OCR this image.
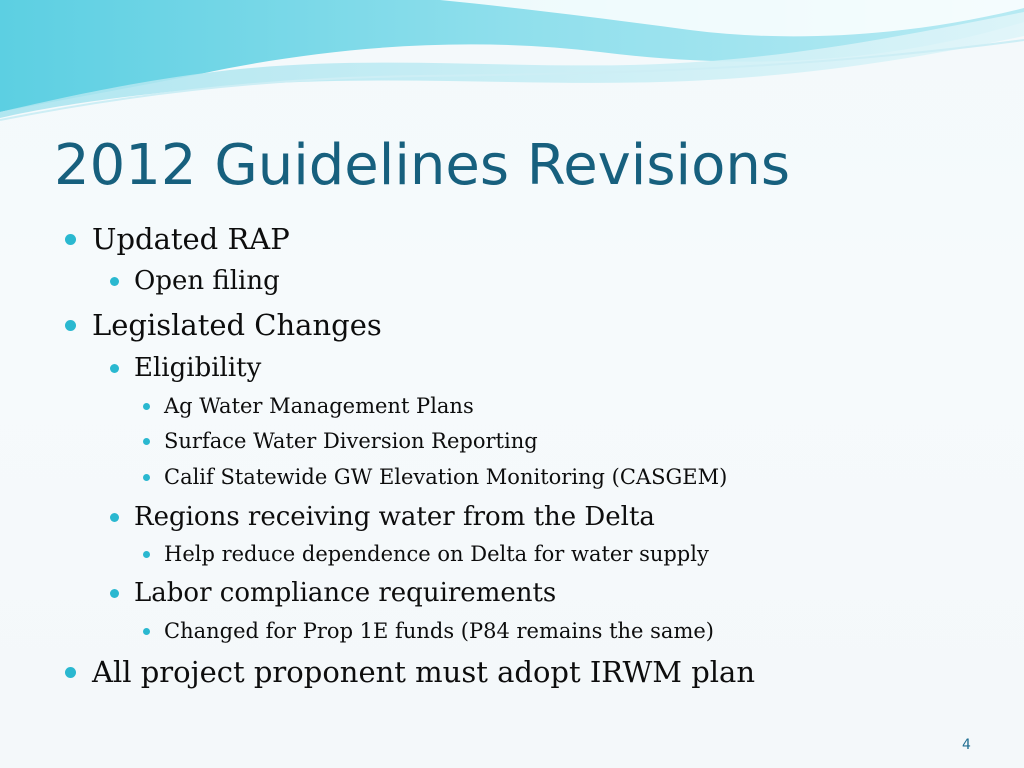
2012 Guidelines Revisions
Updated RAP
Open filing
Legislated Changes
Eligibility
Ag Water Management Plans
Surface Water Diversion Reporting
Calif Statewide GW Elevation Monitoring (CASGEM)
Regions receiving water from the Delta
Help reduce dependence on Delta for water supply
Labor compliance requirements
Changed for Prop 1E funds (P84 remains the same)
All project proponent must adopt IRWM plan
4
